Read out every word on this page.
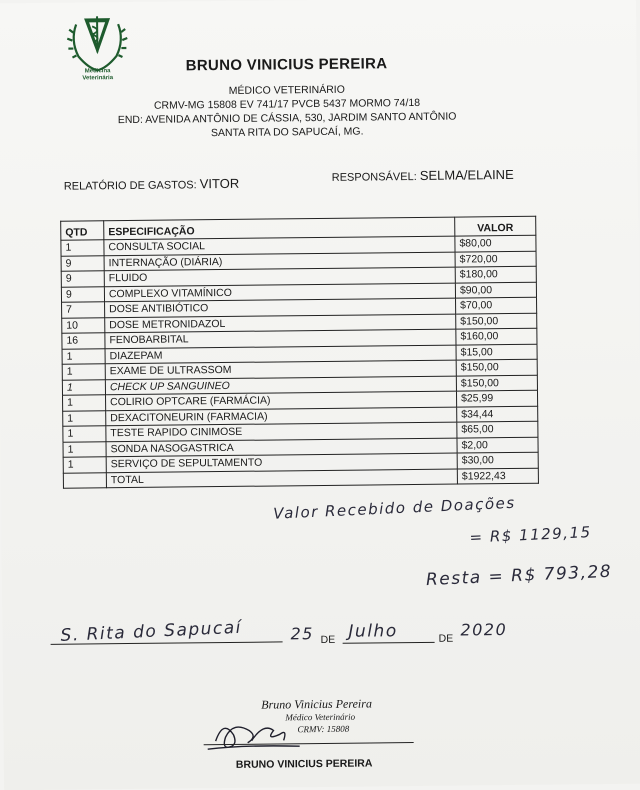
Medicina
Veterinária
BRUNO VINICIUS PEREIRA
MÉDICO VETERINÁRIO
CRMV-MG 15808 EV 741/17 PVCB 5437 MORMO 74/18
END: AVENIDA ANTÔNIO DE CÁSSIA, 530, JARDIM SANTO ANTÔNIO
SANTA RITA DO SAPUCAÍ, MG.
RELATÓRIO DE GASTOS: VITOR	RESPONSÁVEL: SELMA/ELAINE
QTD	ESPECIFICAÇÃO	VALOR
1	CONSULTA SOCIAL	$80,00
9	INTERNAÇÃO (DIÁRIA)	$720,00
9	FLUIDO	$180,00
9	COMPLEXO VITAMÍNICO	$90,00
7	DOSE ANTIBIÓTICO	$70,00
10	DOSE METRONIDAZOL	$150,00
16	FENOBARBITAL	$160,00
1	DIAZEPAM	$15,00
1	EXAME DE ULTRASSOM	$150,00
1	CHECK UP SANGUINEO	$150,00
1	COLIRIO OPTCARE (FARMÁCIA)	$25,99
1	DEXACITONEURIN (FARMACIA)	$34,44
1	TESTE RAPIDO CINIMOSE	$65,00
1	SONDA NASOGASTRICA	$2,00
1	SERVIÇO DE SEPULTAMENTO	$30,00
	TOTAL	$1922,43
Valor Recebido de Doações
= R$ 1129,15
Resta = R$ 793,28
S. Rita do Sapucaí	25 DE Julho	DE 2020
Bruno Vinicius Pereira
Médico Veterinário
CRMV: 15808
BRUNO VINICIUS PEREIRA
